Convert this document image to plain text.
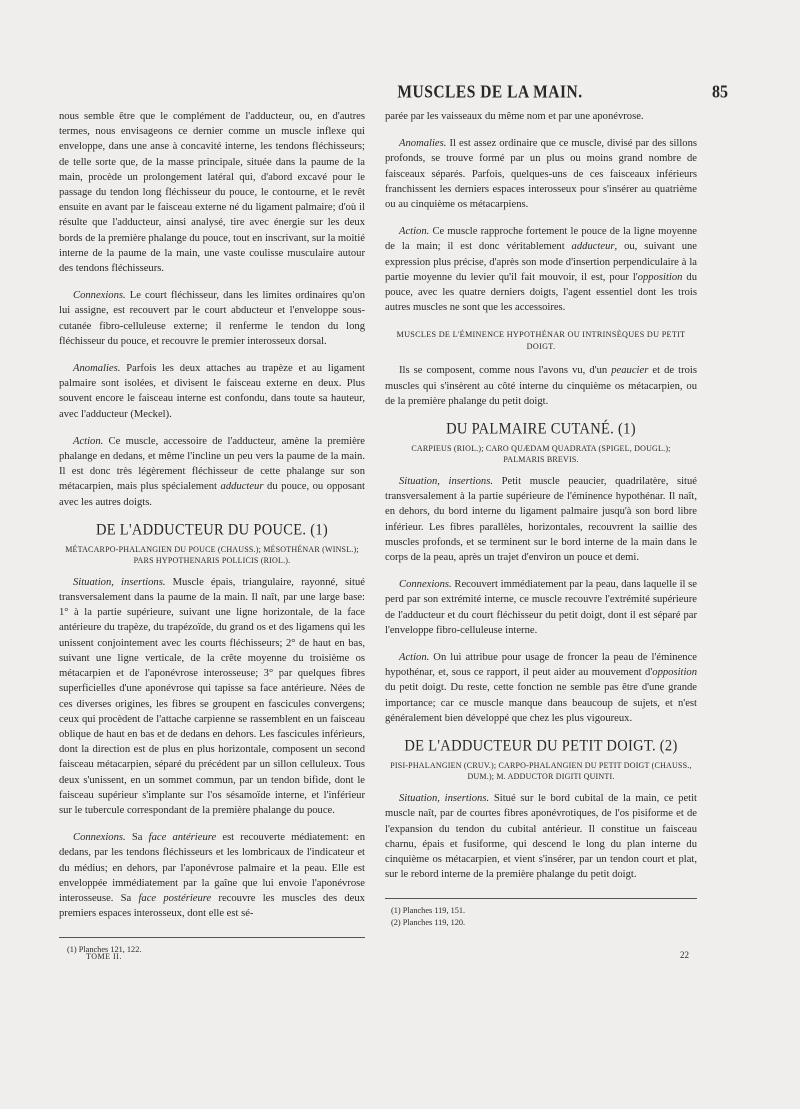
MUSCLES DE LA MAIN.	85

nous semble être que le complément de l'adducteur, ou, en d'autres termes, nous envisageons ce dernier comme un muscle inflexe qui enveloppe, dans une anse à concavité interne, les tendons fléchisseurs; de telle sorte que, de la masse principale, située dans la paume de la main, procède un prolongement latéral qui, d'abord excavé pour le passage du tendon long fléchisseur du pouce, le contourne, et le revêt ensuite en avant par le faisceau externe né du ligament palmaire; d'où il résulte que l'adducteur, ainsi analysé, tire avec énergie sur les deux bords de la première phalange du pouce, tout en inscrivant, sur la moitié interne de la paume de la main, une vaste coulisse musculaire autour des tendons fléchisseurs.

Connexions. Le court fléchisseur, dans les limites ordinaires qu'on lui assigne, est recouvert par le court abducteur et l'enveloppe sous-cutanée fibro-celluleuse externe; il renferme le tendon du long fléchisseur du pouce, et recouvre le premier interosseux dorsal.

Anomalies. Parfois les deux attaches au trapèze et au ligament palmaire sont isolées, et divisent le faisceau externe en deux. Plus souvent encore le faisceau interne est confondu, dans toute sa hauteur, avec l'adducteur (Meckel).

Action. Ce muscle, accessoire de l'adducteur, amène la première phalange en dedans, et même l'incline un peu vers la paume de la main. Il est donc très légèrement fléchisseur de cette phalange sur son métacarpien, mais plus spécialement adducteur du pouce, ou opposant avec les autres doigts.

DE L'ADDUCTEUR DU POUCE. (1)
MÉTACARPO-PHALANGIEN DU POUCE (CHAUSS.); MÉSOTHÉNAR (WINSL.);
PARS HYPOTHENARIS POLLICIS (RIOL.).

Situation, insertions. Muscle épais, triangulaire, rayonné, situé transversalement dans la paume de la main. Il naît, par une large base: 1° à la partie supérieure, suivant une ligne horizontale, de la face antérieure du trapèze, du trapézoïde, du grand os et des ligamens qui les unissent conjointement avec les courts fléchisseurs; 2° de haut en bas, suivant une ligne verticale, de la crête moyenne du troisième os métacarpien et de l'aponévrose interosseuse; 3° par quelques fibres superficielles d'une aponévrose qui tapisse sa face antérieure. Nées de ces diverses origines, les fibres se groupent en fascicules convergens; ceux qui procèdent de l'attache carpienne se rassemblent en un faisceau oblique de haut en bas et de dedans en dehors. Les fascicules inférieurs, dont la direction est de plus en plus horizontale, composent un second faisceau métacarpien, séparé du précédent par un sillon celluleux. Tous deux s'unissent, en un sommet commun, par un tendon bifide, dont le faisceau supérieur s'implante sur l'os sésamoïde interne, et l'inférieur sur le tubercule correspondant de la première phalange du pouce.

Connexions. Sa face antérieure est recouverte médiatement: en dedans, par les tendons fléchisseurs et les lombricaux de l'indicateur et du médius; en dehors, par l'aponévrose palmaire et la peau. Elle est enveloppée immédiatement par la gaîne que lui envoie l'aponévrose interosseuse. Sa face postérieure recouvre les muscles des deux premiers espaces interosseux, dont elle est sé-

(1) Planches 121, 122.
TOME II.

parée par les vaisseaux du même nom et par une aponévrose.

Anomalies. Il est assez ordinaire que ce muscle, divisé par des sillons profonds, se trouve formé par un plus ou moins grand nombre de faisceaux séparés. Parfois, quelques-uns de ces faisceaux inférieurs franchissent les derniers espaces interosseux pour s'insérer au quatrième ou au cinquième os métacarpiens.

Action. Ce muscle rapproche fortement le pouce de la ligne moyenne de la main; il est donc véritablement adducteur, ou, suivant une expression plus précise, d'après son mode d'insertion perpendiculaire à la partie moyenne du levier qu'il fait mouvoir, il est, pour l'opposition du pouce, avec les quatre derniers doigts, l'agent essentiel dont les trois autres muscles ne sont que les accessoires.

MUSCLES DE L'ÉMINENCE HYPOTHÉNAR OU INTRINSÈQUES DU PETIT DOIGT.

Ils se composent, comme nous l'avons vu, d'un peaucier et de trois muscles qui s'insèrent au côté interne du cinquième os métacarpien, ou de la première phalange du petit doigt.

DU PALMAIRE CUTANÉ. (1)
CARPIEUS (RIOL.); CARO QUÆDAM QUADRATA (SPIGEL, DOUGL.);
PALMARIS BREVIS.

Situation, insertions. Petit muscle peaucier, quadrilatère, situé transversalement à la partie supérieure de l'éminence hypothénar. Il naît, en dehors, du bord interne du ligament palmaire jusqu'à son bord libre inférieur. Les fibres parallèles, horizontales, recouvrent la saillie des muscles profonds, et se terminent sur le bord interne de la main dans le corps de la peau, après un trajet d'environ un pouce et demi.

Connexions. Recouvert immédiatement par la peau, dans laquelle il se perd par son extrémité interne, ce muscle recouvre l'extrémité supérieure de l'adducteur et du court fléchisseur du petit doigt, dont il est séparé par l'enveloppe fibro-celluleuse interne.

Action. On lui attribue pour usage de froncer la peau de l'éminence hypothénar, et, sous ce rapport, il peut aider au mouvement d'opposition du petit doigt. Du reste, cette fonction ne semble pas être d'une grande importance; car ce muscle manque dans beaucoup de sujets, et n'est généralement bien développé que chez les plus vigoureux.

DE L'ADDUCTEUR DU PETIT DOIGT. (2)
PISI-PHALANGIEN (CRUV.); CARPO-PHALANGIEN DU PETIT DOIGT (CHAUSS., DUM.); M. ADDUCTOR DIGITI QUINTI.

Situation, insertions. Situé sur le bord cubital de la main, ce petit muscle naît, par de courtes fibres aponévrotiques, de l'os pisiforme et de l'expansion du tendon du cubital antérieur. Il constitue un faisceau charnu, épais et fusiforme, qui descend le long du plan interne du cinquième os métacarpien, et vient s'insérer, par un tendon court et plat, sur le rebord interne de la première phalange du petit doigt.

(1) Planches 119, 151.
(2) Planches 119, 120.
22
